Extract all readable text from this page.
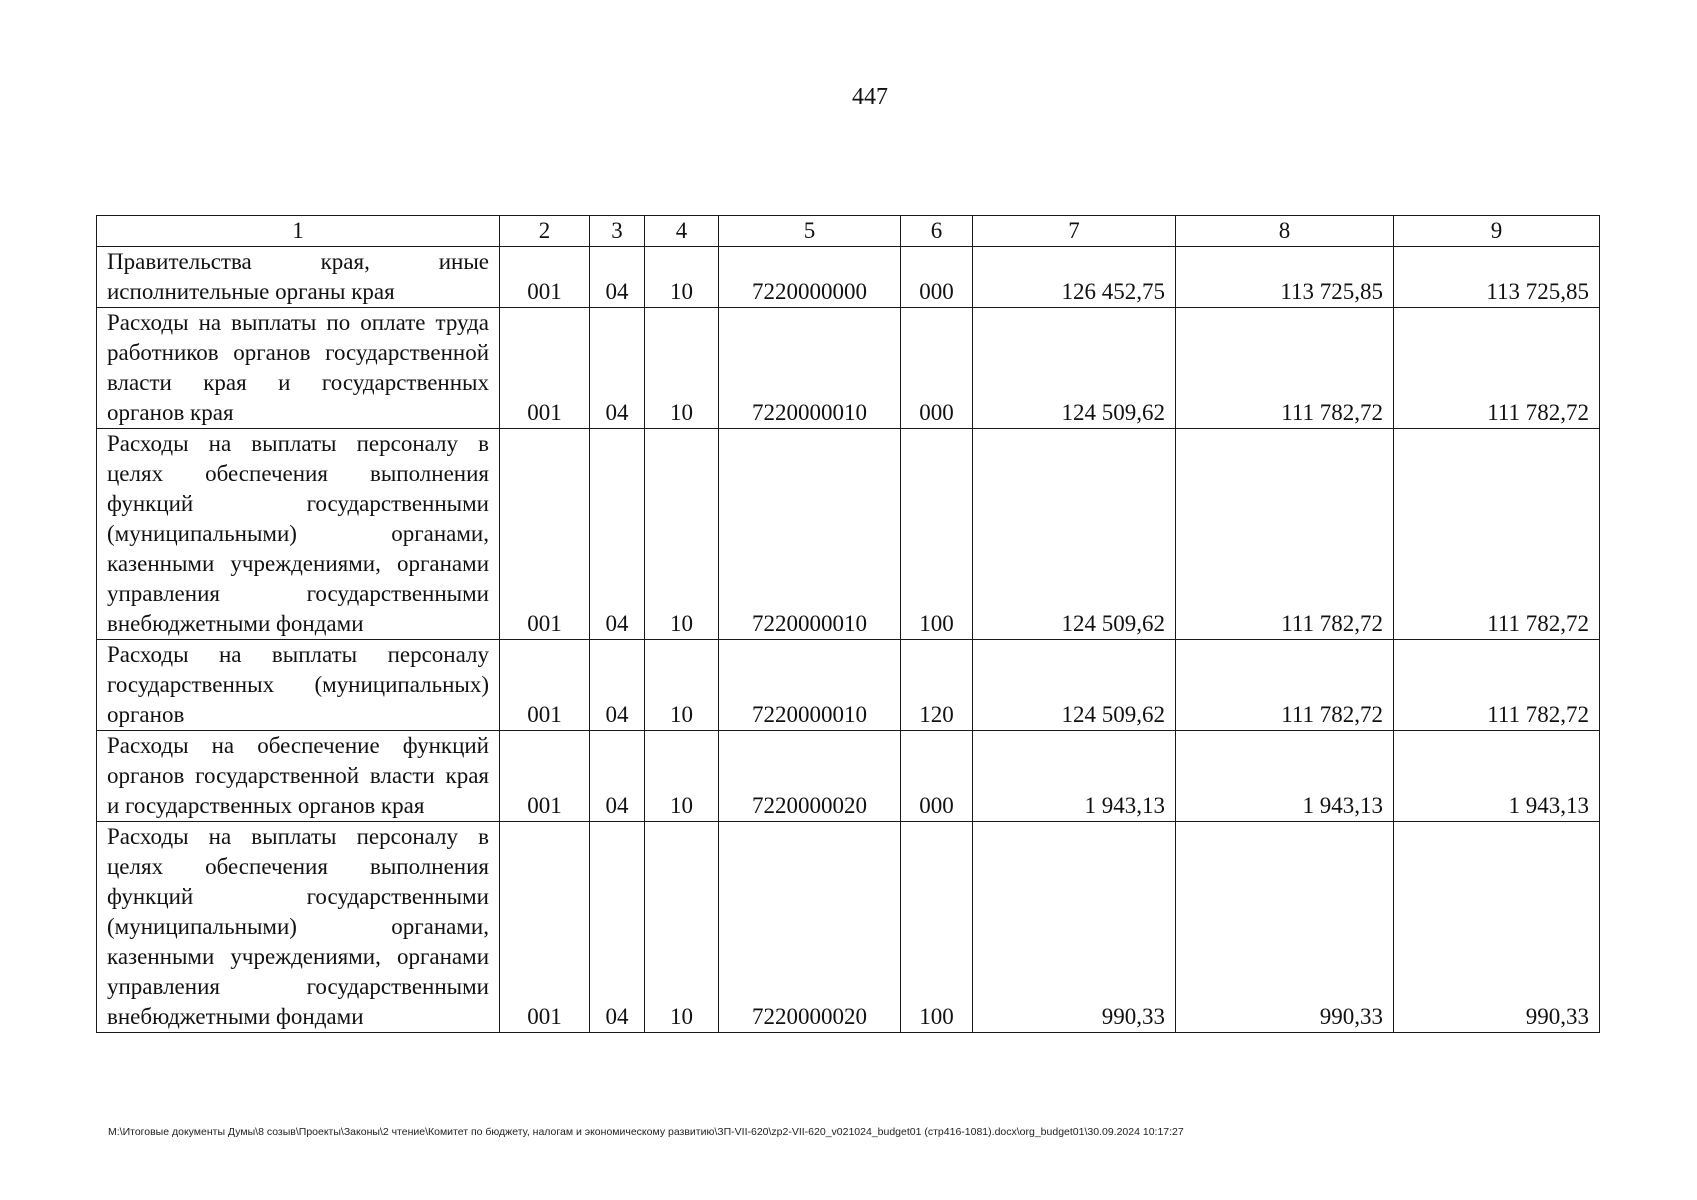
447
1	2	3	4	5	6	7	8	9
Правительства края, иные исполнительные органы края	001	04	10	7220000000	000	126 452,75	113 725,85	113 725,85
Расходы на выплаты по оплате труда работников органов государственной власти края и государственных органов края	001	04	10	7220000010	000	124 509,62	111 782,72	111 782,72
Расходы на выплаты персоналу в целях обеспечения выполнения функций государственными (муниципальными) органами, казенными учреждениями, органами управления государственными внебюджетными фондами	001	04	10	7220000010	100	124 509,62	111 782,72	111 782,72
Расходы на выплаты персоналу государственных (муниципальных) органов	001	04	10	7220000010	120	124 509,62	111 782,72	111 782,72
Расходы на обеспечение функций органов государственной власти края и государственных органов края	001	04	10	7220000020	000	1 943,13	1 943,13	1 943,13
Расходы на выплаты персоналу в целях обеспечения выполнения функций государственными (муниципальными) органами, казенными учреждениями, органами управления государственными внебюджетными фондами	001	04	10	7220000020	100	990,33	990,33	990,33
М:\Итоговые документы Думы\8 созыв\Проекты\Законы\2 чтение\Комитет по бюджету, налогам и экономическому развитию\ЗП-VII-620\zp2-VII-620_v021024_budget01 (стр416-1081).docx\org_budget01\30.09.2024 10:17:27
